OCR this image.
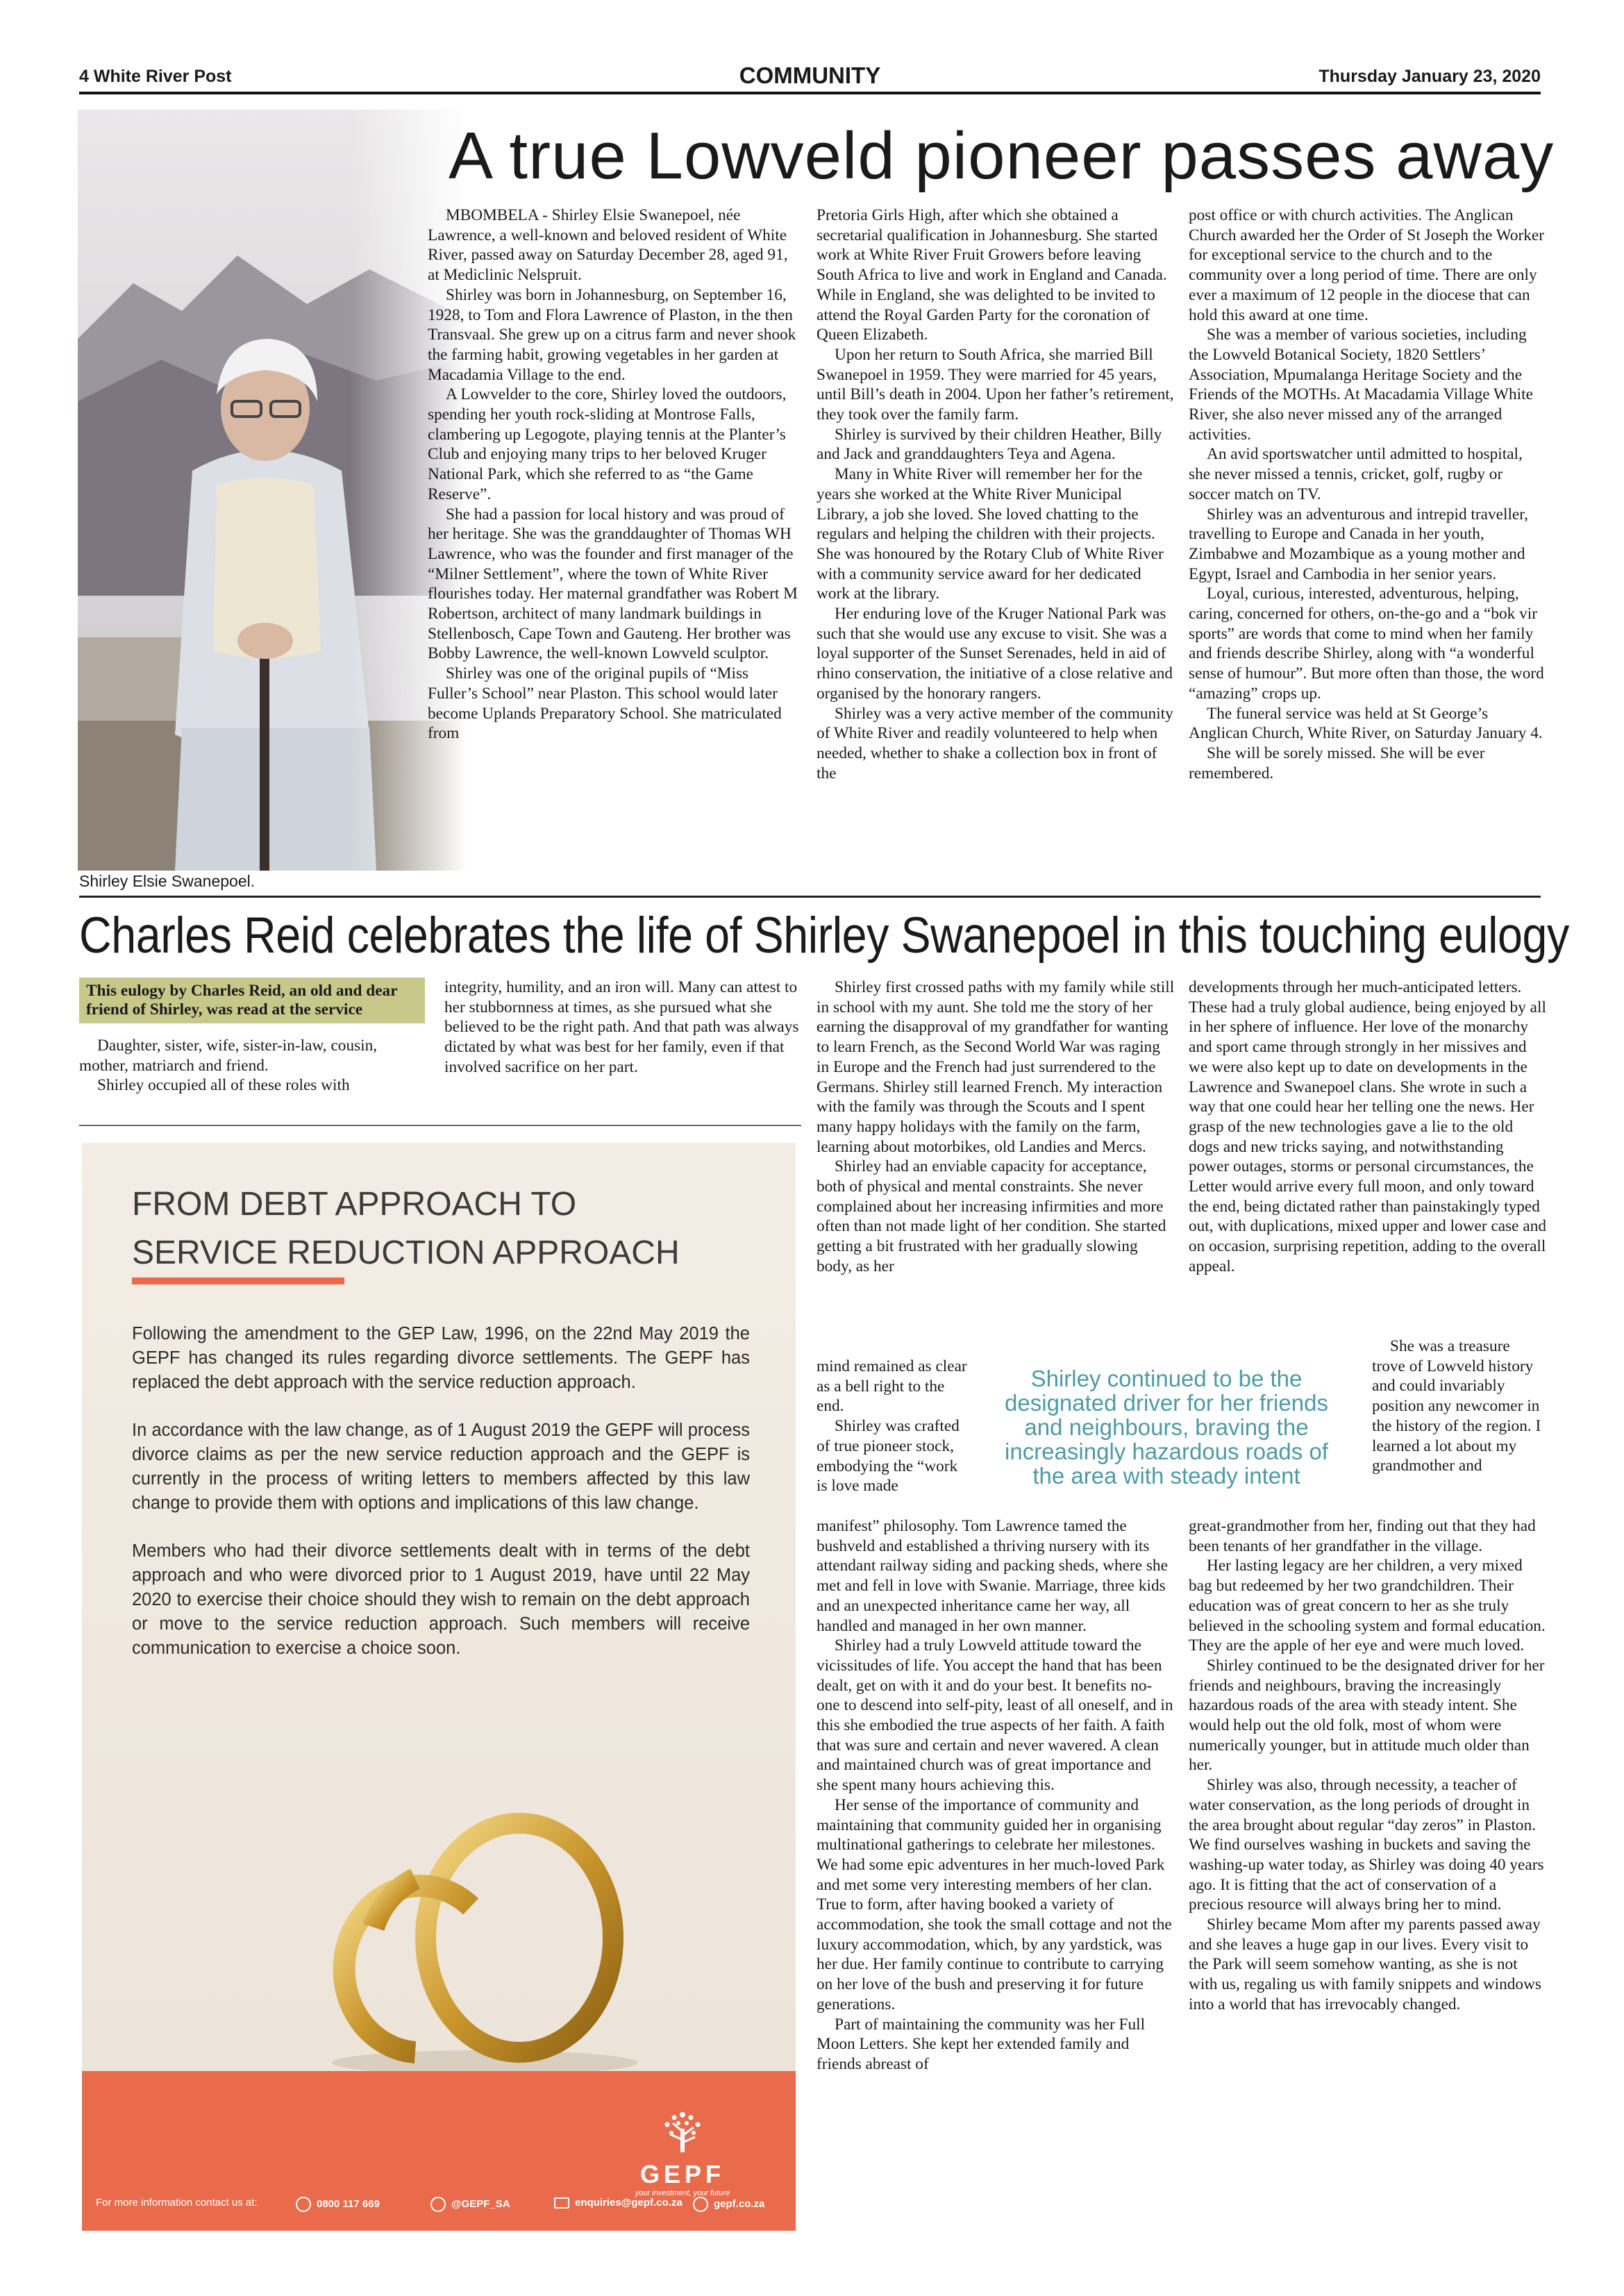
4 White River Post	COMMUNITY	Thursday January 23, 2020
Shirley Elsie Swanepoel.
A true Lowveld pioneer passes away

MBOMBELA - Shirley Elsie Swanepoel, née Lawrence, a well-known and beloved resident of White River, passed away on Saturday December 28, aged 91, at Mediclinic Nelspruit.

Shirley was born in Johannesburg, on September 16, 1928, to Tom and Flora Lawrence of Plaston, in the then Transvaal. She grew up on a citrus farm and never shook the farming habit, growing vegetables in her garden at Macadamia Village to the end.

A Lowvelder to the core, Shirley loved the outdoors, spending her youth rock-sliding at Montrose Falls, clambering up Legogote, playing tennis at the Planter’s Club and enjoying many trips to her beloved Kruger National Park, which she referred to as “the Game Reserve”.

She had a passion for local history and was proud of her heritage. She was the granddaughter of Thomas WH Lawrence, who was the founder and first manager of the “Milner Settlement”, where the town of White River flourishes today. Her maternal grandfather was Robert M Robertson, architect of many landmark buildings in Stellenbosch, Cape Town and Gauteng. Her brother was Bobby Lawrence, the well-known Lowveld sculptor.

Shirley was one of the original pupils of “Miss Fuller’s School” near Plaston. This school would later become Uplands Preparatory School. She matriculated from

Pretoria Girls High, after which she obtained a secretarial qualification in Johannesburg. She started work at White River Fruit Growers before leaving South Africa to live and work in England and Canada. While in England, she was delighted to be invited to attend the Royal Garden Party for the coronation of Queen Elizabeth.

Upon her return to South Africa, she married Bill Swanepoel in 1959. They were married for 45 years, until Bill’s death in 2004. Upon her father’s retirement, they took over the family farm.

Shirley is survived by their children Heather, Billy and Jack and granddaughters Teya and Agena.

Many in White River will remember her for the years she worked at the White River Municipal Library, a job she loved. She loved chatting to the regulars and helping the children with their projects. She was honoured by the Rotary Club of White River with a community service award for her dedicated work at the library.

Her enduring love of the Kruger National Park was such that she would use any excuse to visit. She was a loyal supporter of the Sunset Serenades, held in aid of rhino conservation, the initiative of a close relative and organised by the honorary rangers.

Shirley was a very active member of the community of White River and readily volunteered to help when needed, whether to shake a collection box in front of the

post office or with church activities. The Anglican Church awarded her the Order of St Joseph the Worker for exceptional service to the church and to the community over a long period of time. There are only ever a maximum of 12 people in the diocese that can hold this award at one time.

She was a member of various societies, including the Lowveld Botanical Society, 1820 Settlers’ Association, Mpumalanga Heritage Society and the Friends of the MOTHs. At Macadamia Village White River, she also never missed any of the arranged activities.

An avid sportswatcher until admitted to hospital, she never missed a tennis, cricket, golf, rugby or soccer match on TV.

Shirley was an adventurous and intrepid traveller, travelling to Europe and Canada in her youth, Zimbabwe and Mozambique as a young mother and Egypt, Israel and Cambodia in her senior years.

Loyal, curious, interested, adventurous, helping, caring, concerned for others, on-the-go and a “bok vir sports” are words that come to mind when her family and friends describe Shirley, along with “a wonderful sense of humour”. But more often than those, the word “amazing” crops up.

The funeral service was held at St George’s Anglican Church, White River, on Saturday January 4.

She will be sorely missed. She will be ever remembered.

Charles Reid celebrates the life of Shirley Swanepoel in this touching eulogy
This eulogy by Charles Reid, an old and dear friend of Shirley, was read at the service

Daughter, sister, wife, sister-in-law, cousin, mother, matriarch and friend.

Shirley occupied all of these roles with

integrity, humility, and an iron will. Many can attest to her stubbornness at times, as she pursued what she believed to be the right path. And that path was always dictated by what was best for her family, even if that involved sacrifice on her part.

Shirley first crossed paths with my family while still in school with my aunt. She told me the story of her earning the disapproval of my grandfather for wanting to learn French, as the Second World War was raging in Europe and the French had just surrendered to the Germans. Shirley still learned French. My interaction with the family was through the Scouts and I spent many happy holidays with the family on the farm, learning about motorbikes, old Landies and Mercs.

Shirley had an enviable capacity for acceptance, both of physical and mental constraints. She never complained about her increasing infirmities and more often than not made light of her condition. She started getting a bit frustrated with her gradually slowing body, as her

mind remained as clear as a bell right to the end.

Shirley was crafted of true pioneer stock, embodying the “work is love made

manifest” philosophy. Tom Lawrence tamed the bushveld and established a thriving nursery with its attendant railway siding and packing sheds, where she met and fell in love with Swanie. Marriage, three kids and an unexpected inheritance came her way, all handled and managed in her own manner.

Shirley had a truly Lowveld attitude toward the vicissitudes of life. You accept the hand that has been dealt, get on with it and do your best. It benefits no-one to descend into self-pity, least of all oneself, and in this she embodied the true aspects of her faith. A faith that was sure and certain and never wavered. A clean and maintained church was of great importance and she spent many hours achieving this.

Her sense of the importance of community and maintaining that community guided her in organising multinational gatherings to celebrate her milestones. We had some epic adventures in her much-loved Park and met some very interesting members of her clan. True to form, after having booked a variety of accommodation, she took the small cottage and not the luxury accommodation, which, by any yardstick, was her due. Her family continue to contribute to carrying on her love of the bush and preserving it for future generations.

Part of maintaining the community was her Full Moon Letters. She kept her extended family and friends abreast of

Shirley continued to be the designated driver for her friends and neighbours, braving the increasingly hazardous roads of the area with steady intent

developments through her much-anticipated letters. These had a truly global audience, being enjoyed by all in her sphere of influence. Her love of the monarchy and sport came through strongly in her missives and we were also kept up to date on developments in the Lawrence and Swanepoel clans. She wrote in such a way that one could hear her telling one the news. Her grasp of the new technologies gave a lie to the old dogs and new tricks saying, and notwithstanding power outages, storms or personal circumstances, the Letter would arrive every full moon, and only toward the end, being dictated rather than painstakingly typed out, with duplications, mixed upper and lower case and on occasion, surprising repetition, adding to the overall appeal.

She was a treasure trove of Lowveld history and could invariably position any newcomer in the history of the region. I learned a lot about my grandmother and

great-grandmother from her, finding out that they had been tenants of her grandfather in the village.

Her lasting legacy are her children, a very mixed bag but redeemed by her two grandchildren. Their education was of great concern to her as she truly believed in the schooling system and formal education. They are the apple of her eye and were much loved.

Shirley continued to be the designated driver for her friends and neighbours, braving the increasingly hazardous roads of the area with steady intent. She would help out the old folk, most of whom were numerically younger, but in attitude much older than her.

Shirley was also, through necessity, a teacher of water conservation, as the long periods of drought in the area brought about regular “day zeros” in Plaston. We find ourselves washing in buckets and saving the washing-up water today, as Shirley was doing 40 years ago. It is fitting that the act of conservation of a precious resource will always bring her to mind.

Shirley became Mom after my parents passed away and she leaves a huge gap in our lives. Every visit to the Park will seem somehow wanting, as she is not with us, regaling us with family snippets and windows into a world that has irrevocably changed.

FROM DEBT APPROACH TO
SERVICE REDUCTION APPROACH

Following the amendment to the GEP Law, 1996, on the 22nd May 2019 the GEPF has changed its rules regarding divorce settlements. The GEPF has replaced the debt approach with the service reduction approach.

In accordance with the law change, as of 1 August 2019 the GEPF will process divorce claims as per the new service reduction approach and the GEPF is currently in the process of writing letters to members affected by this law change to provide them with options and implications of this law change.

Members who had their divorce settlements dealt with in terms of the debt approach and who were divorced prior to 1 August 2019, have until 22 May 2020 to exercise their choice should they wish to remain on the debt approach or move to the service reduction approach. Such members will receive communication to exercise a choice soon.

GEPF
your investment, your future
For more information contact us at:	0800 117 669	@GEPF_SA	enquiries@gepf.co.za	gepf.co.za
